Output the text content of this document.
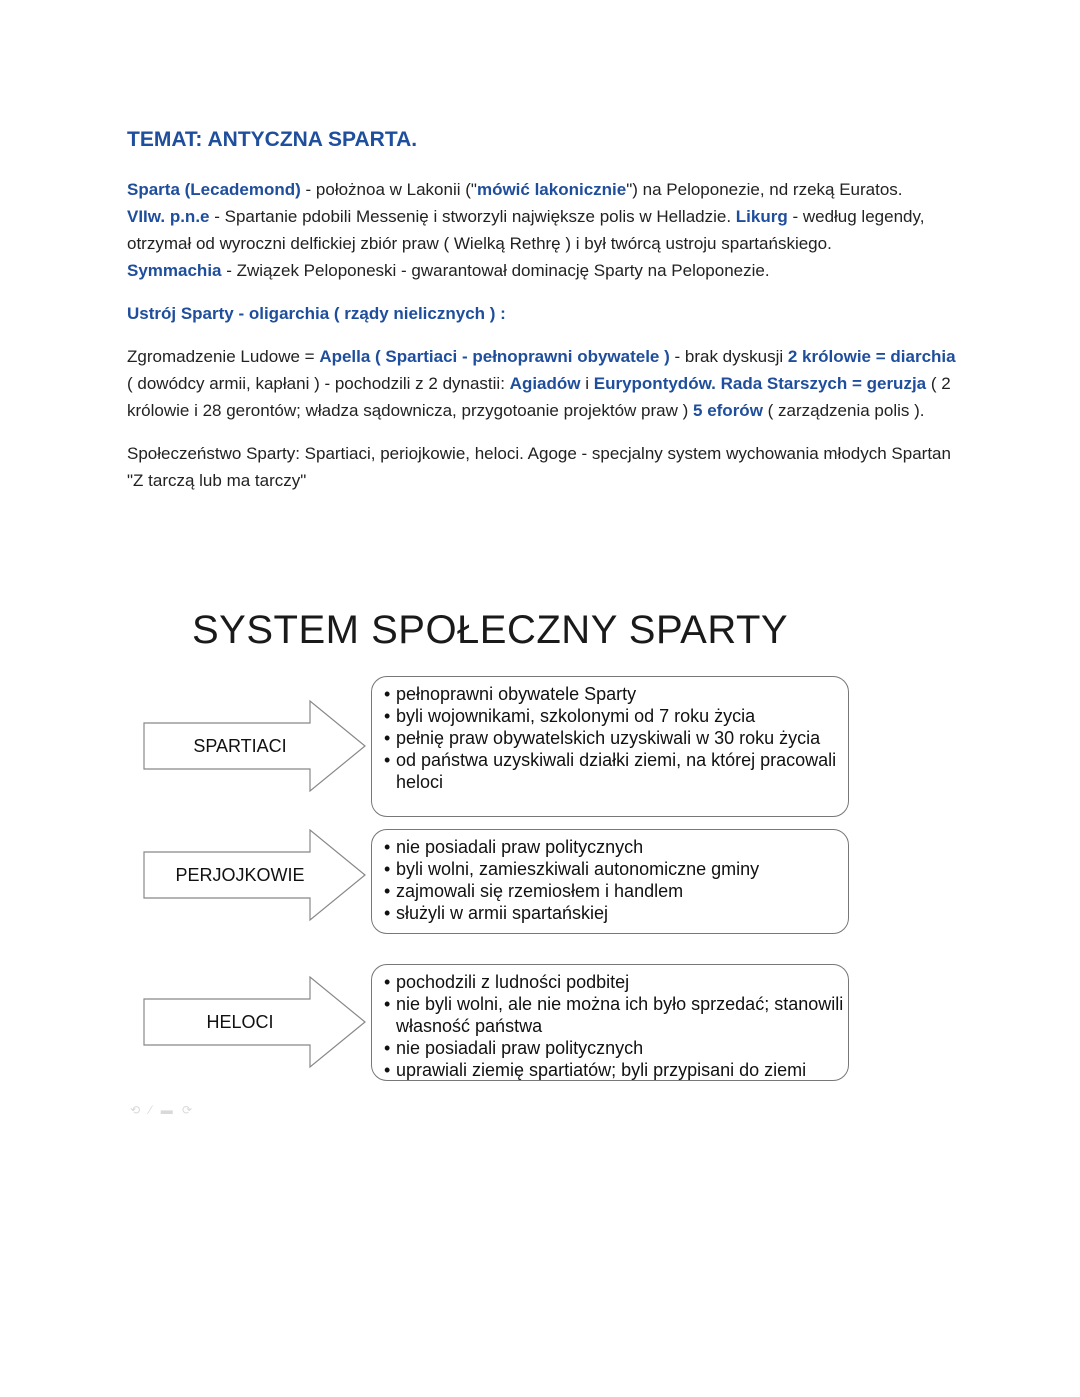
TEMAT: ANTYCZNA SPARTA.

Sparta (Lecademond) - położnoa w Lakonii ("mówić lakonicznie") na Peloponezie, nd rzeką Euratos.
VIIw. p.n.e - Spartanie pdobili Messenię i stworzyli największe polis w Helladzie. Likurg - według legendy, otrzymał od wyroczni delfickiej zbiór praw ( Wielką Rethrę ) i był twórcą ustroju spartańskiego.
Symmachia - Związek Peloponeski - gwarantował dominację Sparty na Peloponezie.

Ustrój Sparty - oligarchia ( rządy nielicznych ) :

Zgromadzenie Ludowe = Apella ( Spartiaci - pełnoprawni obywatele ) - brak dyskusji 2 królowie = diarchia ( dowódcy armii, kapłani ) - pochodzili z 2 dynastii: Agiadów i Eurypontydów. Rada Starszych = geruzja ( 2 królowie i 28 gerontów; władza sądownicza, przygotoanie projektów praw ) 5 eforów ( zarządzenia polis ).

Społeczeństwo Sparty: Spartiaci, periojkowie, heloci. Agoge - specjalny system wychowania młodych Spartan "Z tarczą lub ma tarczy"

SYSTEM SPOŁECZNY SPARTY
SPARTIACI
PERJOJKOWIE
HELOCI
• pełnoprawni obywatele Sparty
• byli wojownikami, szkolonymi od 7 roku życia
• pełnię praw obywatelskich uzyskiwali w 30 roku życia
• od państwa uzyskiwali działki ziemi, na której pracowali heloci
• nie posiadali praw politycznych
• byli wolni, zamieszkiwali autonomiczne gminy
• zajmowali się rzemiosłem i handlem
• służyli w armii spartańskiej
• pochodzili z ludności podbitej
• nie byli wolni, ale nie można ich było sprzedać; stanowili własność państwa
• nie posiadali praw politycznych
• uprawiali ziemię spartiatów; byli przypisani do ziemi
⟲ ⁄ ▬ ⟳
